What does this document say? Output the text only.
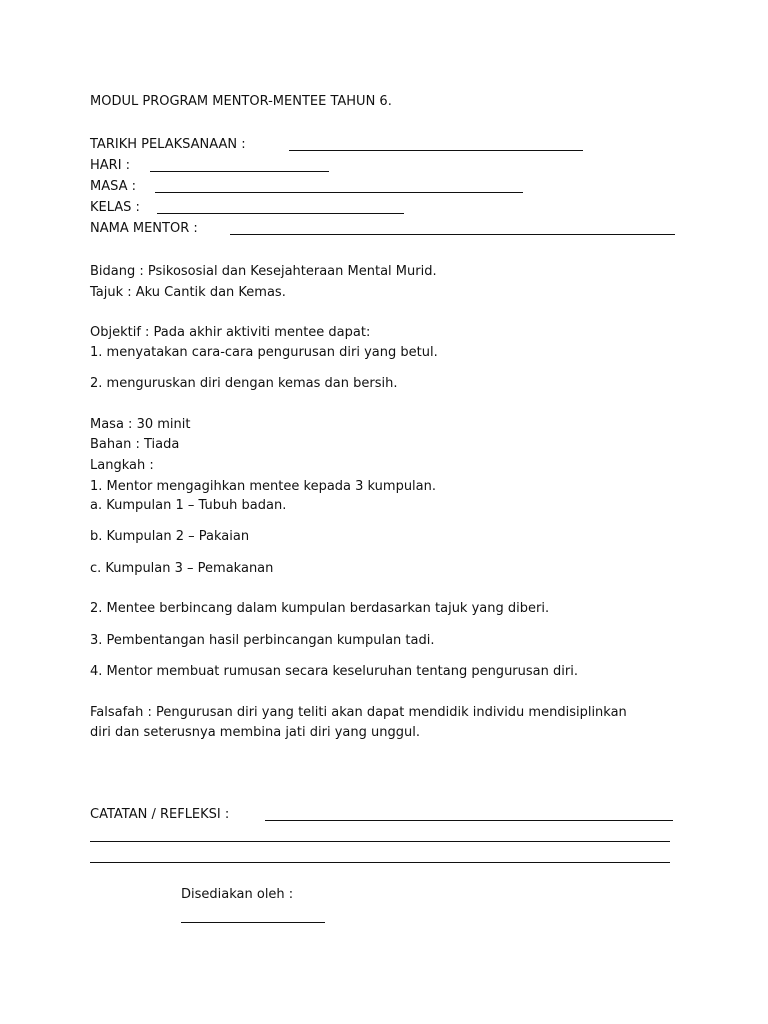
MODUL PROGRAM MENTOR-MENTEE TAHUN 6.
TARIKH PELAKSANAAN :
HARI :
MASA :
KELAS :
NAMA MENTOR :
Bidang : Psikososial dan Kesejahteraan Mental Murid.
Tajuk : Aku Cantik dan Kemas.
Objektif : Pada akhir aktiviti mentee dapat:
1. menyatakan cara-cara pengurusan diri yang betul.
2. menguruskan diri dengan kemas dan bersih.
Masa : 30 minit
Bahan : Tiada
Langkah :
1. Mentor mengagihkan mentee kepada 3 kumpulan.
a. Kumpulan 1 – Tubuh badan.
b. Kumpulan 2 – Pakaian
c. Kumpulan 3 – Pemakanan
2. Mentee berbincang dalam kumpulan berdasarkan tajuk yang diberi.
3. Pembentangan hasil perbincangan kumpulan tadi.
4. Mentor membuat rumusan secara keseluruhan tentang pengurusan diri.
Falsafah : Pengurusan diri yang teliti akan dapat mendidik individu mendisiplinkan
diri dan seterusnya membina jati diri yang unggul.
CATATAN / REFLEKSI :
Disediakan oleh :
